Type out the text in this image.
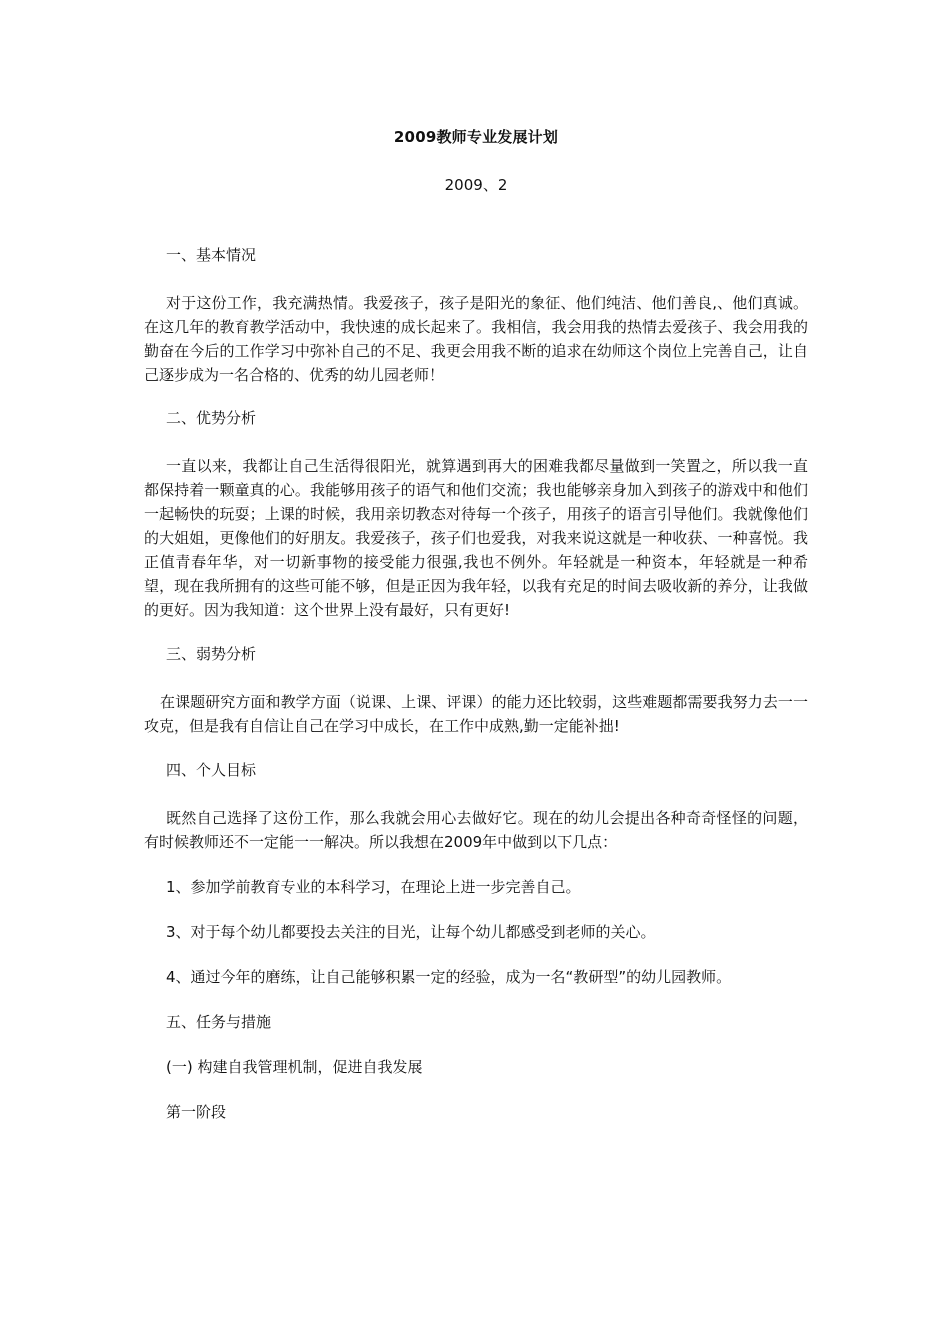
2009教师专业发展计划
2009、2

一、基本情况

对于这份工作，我充满热情。我爱孩子，孩子是阳光的象征、他们纯洁、他们善良,、他们真诚。在这几年的教育教学活动中，我快速的成长起来了。我相信，我会用我的热情去爱孩子、我会用我的勤奋在今后的工作学习中弥补自己的不足、我更会用我不断的追求在幼师这个岗位上完善自己，让自己逐步成为一名合格的、优秀的幼儿园老师！

二、优势分析

一直以来，我都让自己生活得很阳光，就算遇到再大的困难我都尽量做到一笑置之，所以我一直都保持着一颗童真的心。我能够用孩子的语气和他们交流；我也能够亲身加入到孩子的游戏中和他们一起畅快的玩耍；上课的时候，我用亲切教态对待每一个孩子，用孩子的语言引导他们。我就像他们的大姐姐，更像他们的好朋友。我爱孩子，孩子们也爱我，对我来说这就是一种收获、一种喜悦。我正值青春年华，对一切新事物的接受能力很强,我也不例外。年轻就是一种资本，年轻就是一种希望，现在我所拥有的这些可能不够，但是正因为我年轻，以我有充足的时间去吸收新的养分，让我做的更好。因为我知道：这个世界上没有最好，只有更好!

三、弱势分析

在课题研究方面和教学方面（说课、上课、评课）的能力还比较弱，这些难题都需要我努力去一一攻克，但是我有自信让自己在学习中成长，在工作中成熟,勤一定能补拙!

四、个人目标

既然自己选择了这份工作，那么我就会用心去做好它。现在的幼儿会提出各种奇奇怪怪的问题，有时候教师还不一定能一一解决。所以我想在2009年中做到以下几点：

1、参加学前教育专业的本科学习，在理论上进一步完善自己。

3、对于每个幼儿都要投去关注的目光，让每个幼儿都感受到老师的关心。

4、通过今年的磨练，让自己能够积累一定的经验，成为一名“教研型”的幼儿园教师。

五、任务与措施

(一) 构建自我管理机制，促进自我发展

第一阶段
